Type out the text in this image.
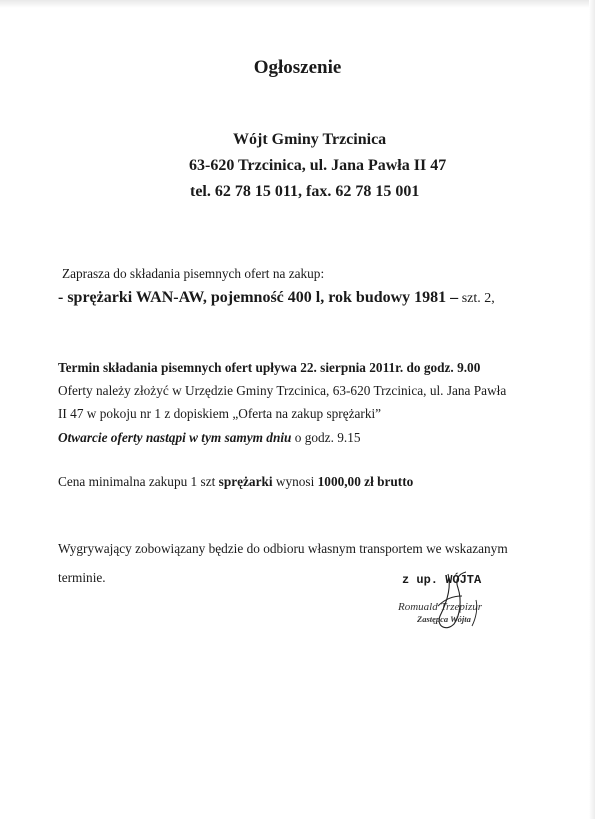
Ogłoszenie
Wójt Gminy Trzcinica
63-620 Trzcinica, ul. Jana Pawła II 47
tel. 62 78 15 011, fax. 62 78 15 001
Zaprasza do składania pisemnych ofert na zakup:
- sprężarki WAN-AW, pojemność 400 l, rok budowy 1981 – szt. 2,
Termin składania pisemnych ofert upływa 22. sierpnia 2011r. do godz. 9.00
Oferty należy złożyć w Urzędzie Gminy Trzcinica, 63-620 Trzcinica, ul. Jana Pawła
II 47 w pokoju nr 1 z dopiskiem „Oferta na zakup sprężarki”
Otwarcie oferty nastąpi w tym samym dniu o godz. 9.15
Cena minimalna zakupu 1 szt sprężarki wynosi 1000,00 zł brutto
Wygrywający zobowiązany będzie do odbioru własnym transportem we wskazanym
terminie.	z up. WÓJTA
Romuald Trzepizur
Zastępca Wójta
